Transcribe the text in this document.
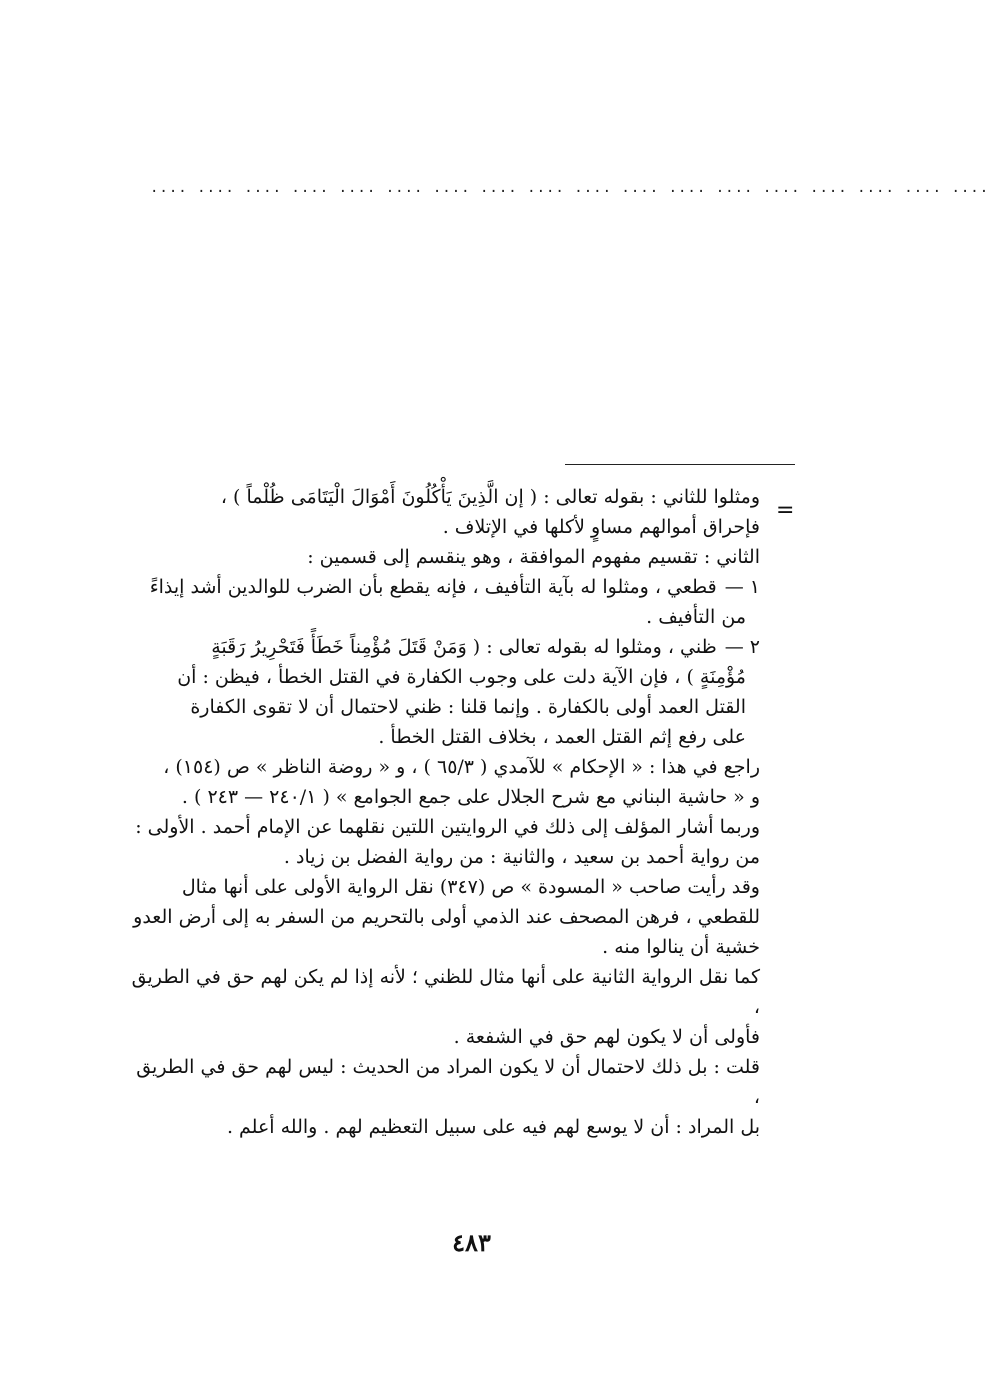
.... .... .... .... .... .... .... .... .... .... .... .... .... .... .... .... .... ....
=

ومثلوا للثاني : بقوله تعالى : ( إن الَّذِينَ يَأْكُلُونَ أَمْوَالَ الْيَتَامَى ظُلْماً ) ،

فإحراق أموالهم مساوٍ لأكلها في الإتلاف .

الثاني : تقسيم مفهوم الموافقة ، وهو ينقسم إلى قسمين :

١ —قطعي ، ومثلوا له بآية التأفيف ، فإنه يقطع بأن الضرب للوالدين أشد إيذاءً

من التأفيف .

٢ —ظني ، ومثلوا له بقوله تعالى : ( وَمَنْ قَتَلَ مُؤْمِناً خَطَأً فَتَحْرِيرُ رَقَبَةٍ

مُؤْمِنَةٍ ) ، فإن الآية دلت على وجوب الكفارة في القتل الخطأ ، فيظن : أن

القتل العمد أولى بالكفارة . وإنما قلنا : ظني لاحتمال أن لا تقوى الكفارة

على رفع إثم القتل العمد ، بخلاف القتل الخطأ .

راجع في هذا : « الإحكام » للآمدي ( ٦٥/٣ ) ، و « روضة الناظر » ص (١٥٤) ،

و « حاشية البناني مع شرح الجلال على جمع الجوامع » ( ٢٤٠/١ — ٢٤٣ ) .

وربما أشار المؤلف إلى ذلك في الروايتين اللتين نقلهما عن الإمام أحمد . الأولى :

من رواية أحمد بن سعيد ، والثانية : من رواية الفضل بن زياد .

وقد رأيت صاحب « المسودة » ص (٣٤٧) نقل الرواية الأولى على أنها مثال

للقطعي ، فرهن المصحف عند الذمي أولى بالتحريم من السفر به إلى أرض العدو

خشية أن ينالوا منه .

كما نقل الرواية الثانية على أنها مثال للظني ؛ لأنه إذا لم يكن لهم حق في الطريق ،

فأولى أن لا يكون لهم حق في الشفعة .

قلت : بل ذلك لاحتمال أن لا يكون المراد من الحديث : ليس لهم حق في الطريق ،

بل المراد : أن لا يوسع لهم فيه على سبيل التعظيم لهم . والله أعلم .

٤٨٣
